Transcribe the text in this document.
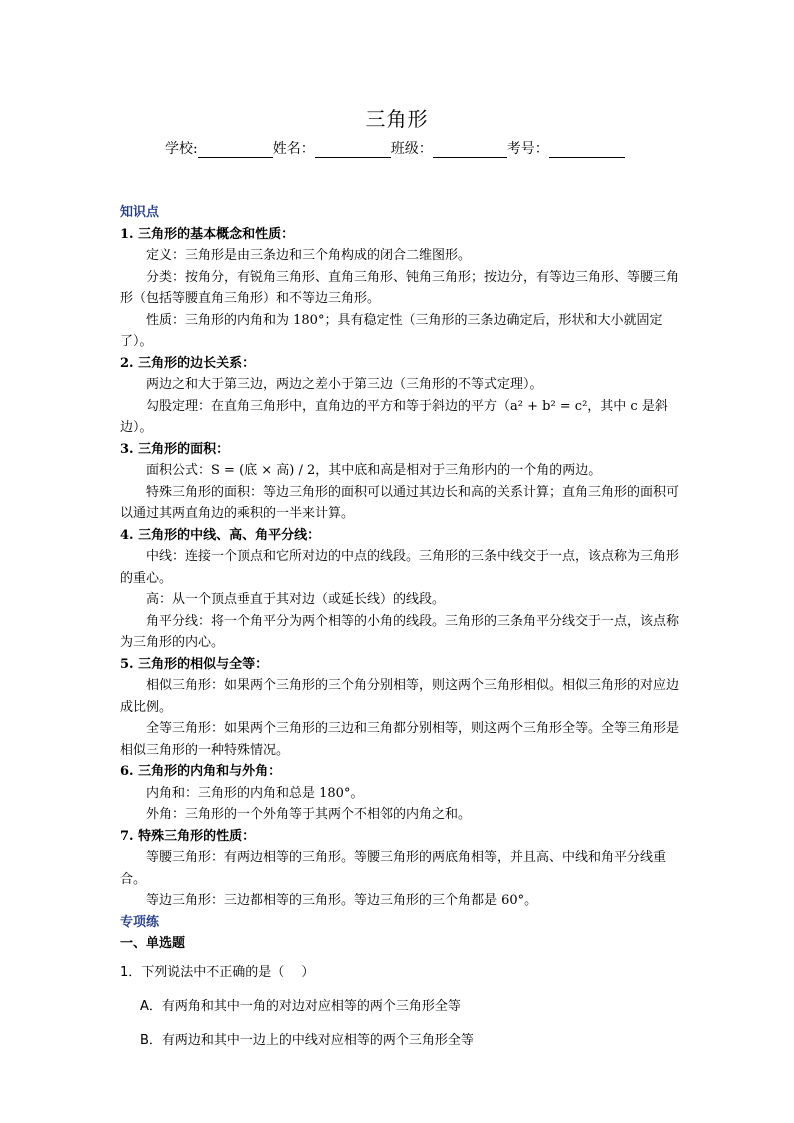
三角形
学校:	姓名：	班级：	考号：
知识点
1. 三角形的基本概念和性质：
定义：三角形是由三条边和三个角构成的闭合二维图形。
分类：按角分，有锐角三角形、直角三角形、钝角三角形；按边分，有等边三角形、等腰三角形（包括等腰直角三角形）和不等边三角形。
性质：三角形的内角和为 180°；具有稳定性（三角形的三条边确定后，形状和大小就固定了）。
2. 三角形的边长关系：
两边之和大于第三边，两边之差小于第三边（三角形的不等式定理）。
勾股定理：在直角三角形中，直角边的平方和等于斜边的平方（a² + b² = c²，其中 c 是斜边）。
3. 三角形的面积：
面积公式：S = (底 × 高) / 2，其中底和高是相对于三角形内的一个角的两边。
特殊三角形的面积：等边三角形的面积可以通过其边长和高的关系计算；直角三角形的面积可以通过其两直角边的乘积的一半来计算。
4. 三角形的中线、高、角平分线：
中线：连接一个顶点和它所对边的中点的线段。三角形的三条中线交于一点，该点称为三角形的重心。
高：从一个顶点垂直于其对边（或延长线）的线段。
角平分线：将一个角平分为两个相等的小角的线段。三角形的三条角平分线交于一点，该点称为三角形的内心。
5. 三角形的相似与全等：
相似三角形：如果两个三角形的三个角分别相等，则这两个三角形相似。相似三角形的对应边成比例。
全等三角形：如果两个三角形的三边和三角都分别相等，则这两个三角形全等。全等三角形是相似三角形的一种特殊情况。
6. 三角形的内角和与外角：
内角和：三角形的内角和总是 180°。
外角：三角形的一个外角等于其两个不相邻的内角之和。
7. 特殊三角形的性质：
等腰三角形：有两边相等的三角形。等腰三角形的两底角相等，并且高、中线和角平分线重合。
等边三角形：三边都相等的三角形。等边三角形的三个角都是 60°。
专项练
一、单选题
1．下列说法中不正确的是（　 ）
A．有两角和其中一角的对边对应相等的两个三角形全等
B．有两边和其中一边上的中线对应相等的两个三角形全等
